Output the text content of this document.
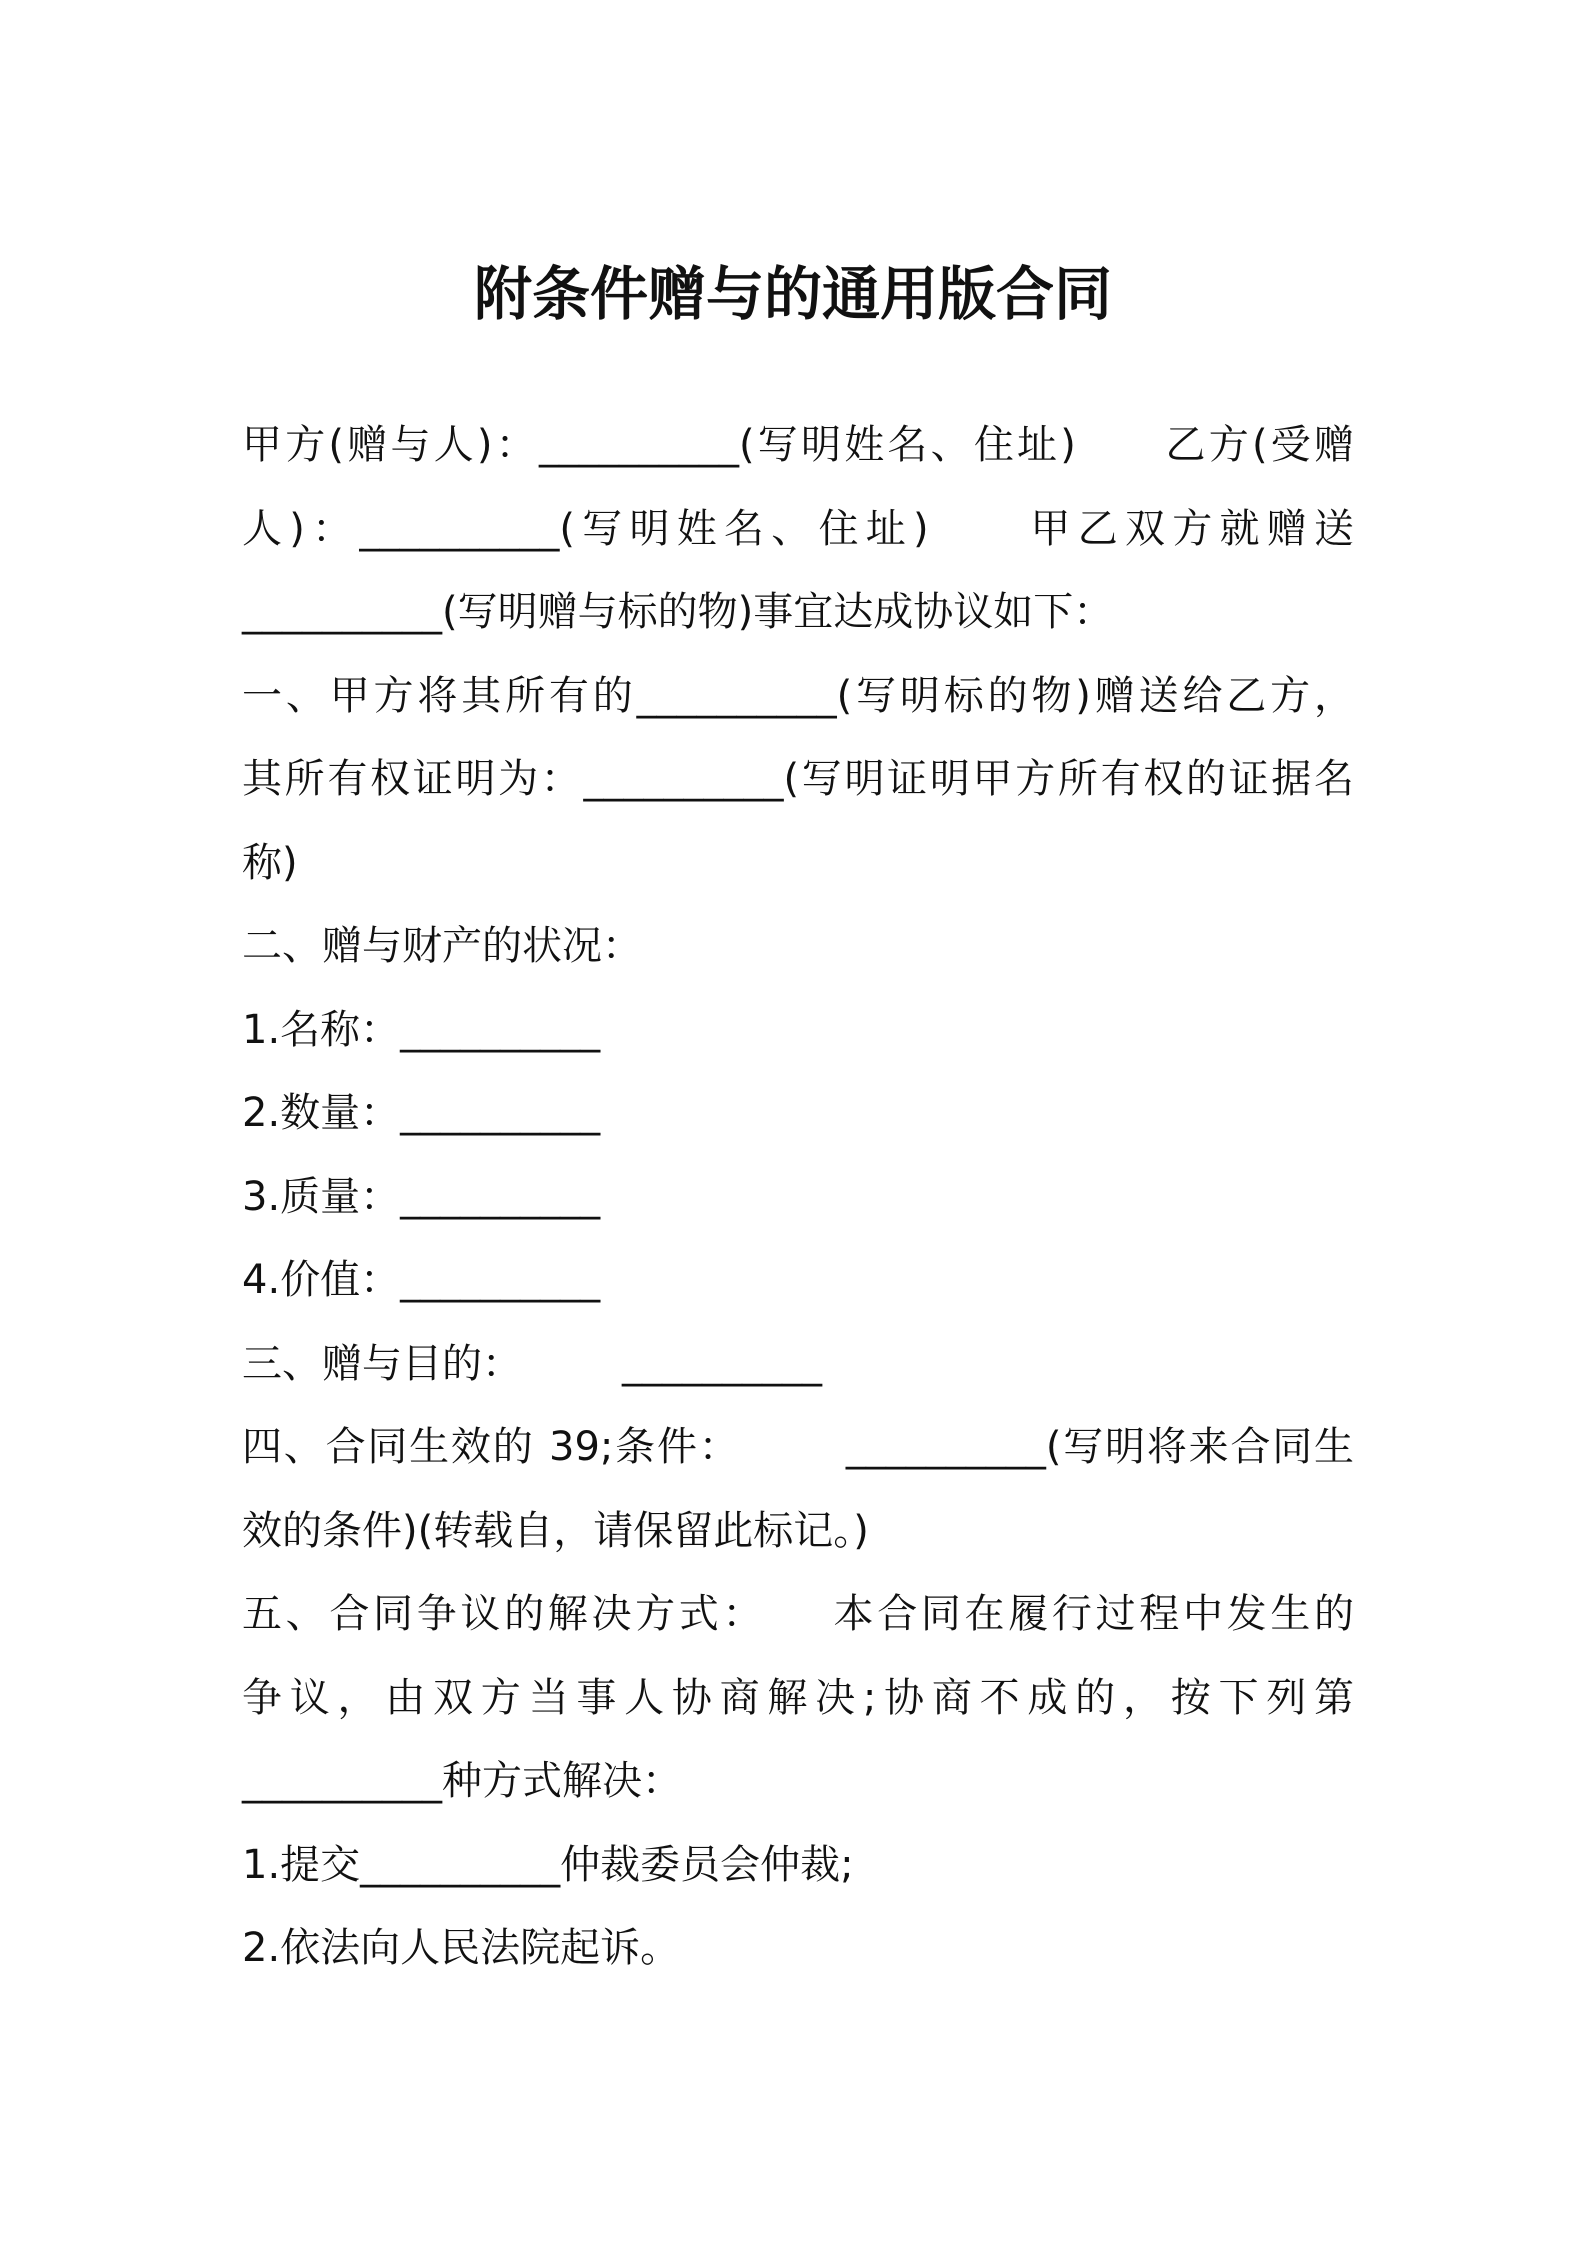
附条件赠与的通用版合同
甲方(赠与人)：__________(写明姓名、住址)　　乙方(受赠
人)：__________(写明姓名、住址)　　甲乙双方就赠送
__________(写明赠与标的物)事宜达成协议如下：
一、甲方将其所有的__________(写明标的物)赠送给乙方，
其所有权证明为：__________(写明证明甲方所有权的证据名
称)
二、赠与财产的状况：
1.名称：__________
2.数量：__________
3.质量：__________
4.价值：__________
三、赠与目的：　　　__________
四、合同生效的 39;条件：　　　__________(写明将来合同生
效的条件)(转载自，请保留此标记。)
五、合同争议的解决方式：　　本合同在履行过程中发生的
争议，由双方当事人协商解决;协商不成的，按下列第
__________种方式解决：
1.提交__________仲裁委员会仲裁;
2.依法向人民法院起诉。
